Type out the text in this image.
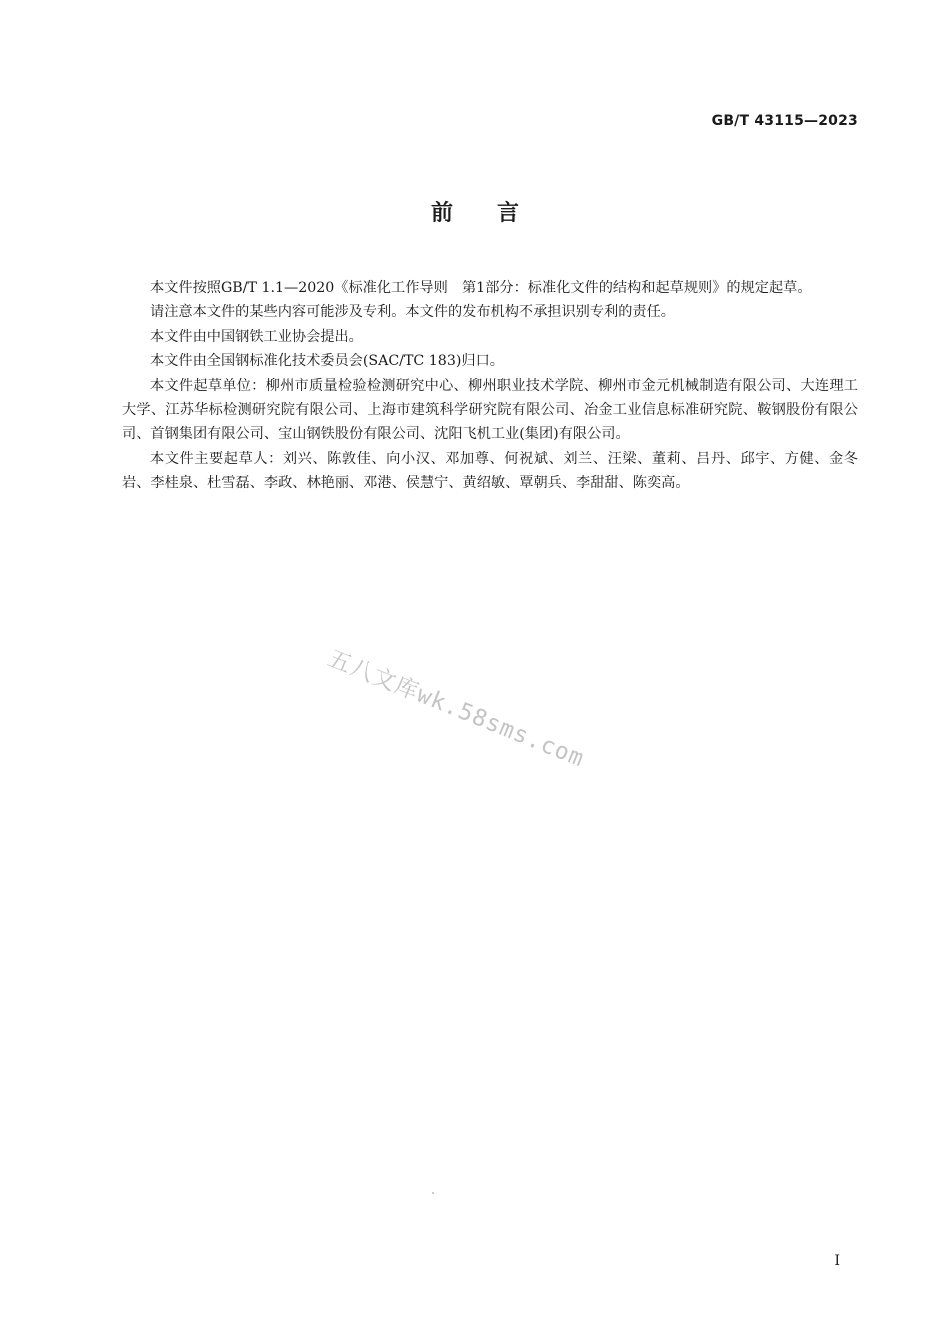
GB/T 43115—2023
前言

本文件按照GB/T 1.1—2020《标准化工作导则　第1部分：标准化文件的结构和起草规则》的规定起草。

请注意本文件的某些内容可能涉及专利。本文件的发布机构不承担识别专利的责任。

本文件由中国钢铁工业协会提出。

本文件由全国钢标准化技术委员会(SAC/TC 183)归口。

本文件起草单位：柳州市质量检验检测研究中心、柳州职业技术学院、柳州市金元机械制造有限公司、大连理工大学、江苏华标检测研究院有限公司、上海市建筑科学研究院有限公司、冶金工业信息标准研究院、鞍钢股份有限公司、首钢集团有限公司、宝山钢铁股份有限公司、沈阳飞机工业(集团)有限公司。

本文件主要起草人：刘兴、陈敦佳、向小汉、邓加尊、何祝斌、刘兰、汪梁、董莉、吕丹、邱宇、方健、金冬岩、李桂泉、杜雪磊、李政、林艳丽、邓港、侯慧宁、黄绍敏、覃朝兵、李甜甜、陈奕高。

五八文库wk.58sms.com
I
